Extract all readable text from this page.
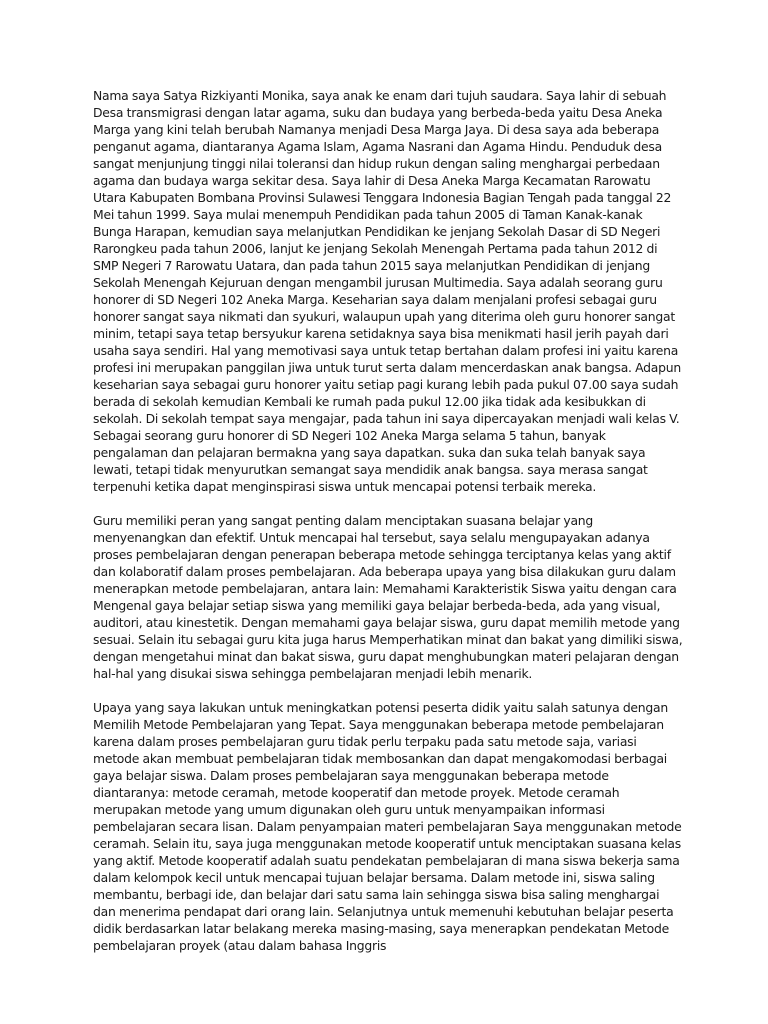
Nama saya Satya Rizkiyanti Monika, saya anak ke enam dari tujuh saudara. Saya lahir di sebuah Desa transmigrasi dengan latar agama, suku dan budaya yang berbeda-beda yaitu Desa Aneka Marga yang kini telah berubah Namanya menjadi Desa Marga Jaya. Di desa saya ada beberapa penganut agama, diantaranya Agama Islam, Agama Nasrani dan Agama Hindu. Penduduk desa sangat menjunjung tinggi nilai toleransi dan hidup rukun dengan saling menghargai perbedaan agama dan budaya warga sekitar desa. Saya lahir di Desa Aneka Marga Kecamatan Rarowatu Utara Kabupaten Bombana Provinsi Sulawesi Tenggara Indonesia Bagian Tengah pada tanggal 22 Mei tahun 1999. Saya mulai menempuh Pendidikan pada tahun 2005 di Taman Kanak-kanak Bunga Harapan, kemudian saya melanjutkan Pendidikan ke jenjang Sekolah Dasar di SD Negeri Rarongkeu pada tahun 2006, lanjut ke jenjang Sekolah Menengah Pertama pada tahun 2012 di SMP Negeri 7 Rarowatu Uatara, dan pada tahun 2015 saya melanjutkan Pendidikan di jenjang Sekolah Menengah Kejuruan dengan mengambil jurusan Multimedia. Saya adalah seorang guru honorer di SD Negeri 102 Aneka Marga. Keseharian saya dalam menjalani profesi sebagai guru honorer sangat saya nikmati dan syukuri, walaupun upah yang diterima oleh guru honorer sangat minim, tetapi saya tetap bersyukur karena setidaknya saya bisa menikmati hasil jerih payah dari usaha saya sendiri. Hal yang memotivasi saya untuk tetap bertahan dalam profesi ini yaitu karena profesi ini merupakan panggilan jiwa untuk turut serta dalam mencerdaskan anak bangsa. Adapun keseharian saya sebagai guru honorer yaitu setiap pagi kurang lebih pada pukul 07.00 saya sudah berada di sekolah kemudian Kembali ke rumah pada pukul 12.00 jika tidak ada kesibukkan di sekolah. Di sekolah tempat saya mengajar, pada tahun ini saya dipercayakan menjadi wali kelas V. Sebagai seorang guru honorer di SD Negeri 102 Aneka Marga selama 5 tahun, banyak pengalaman dan pelajaran bermakna yang saya dapatkan. suka dan suka telah banyak saya lewati, tetapi tidak menyurutkan semangat saya mendidik anak bangsa. saya merasa sangat terpenuhi ketika dapat menginspirasi siswa untuk mencapai potensi terbaik mereka.

Guru memiliki peran yang sangat penting dalam menciptakan suasana belajar yang menyenangkan dan efektif. Untuk mencapai hal tersebut, saya selalu mengupayakan adanya proses pembelajaran dengan penerapan beberapa metode sehingga terciptanya kelas yang aktif dan kolaboratif dalam proses pembelajaran. Ada beberapa upaya yang bisa dilakukan guru dalam menerapkan metode pembelajaran, antara lain: Memahami Karakteristik Siswa yaitu dengan cara Mengenal gaya belajar setiap siswa yang memiliki gaya belajar berbeda-beda, ada yang visual, auditori, atau kinestetik. Dengan memahami gaya belajar siswa, guru dapat memilih metode yang sesuai. Selain itu sebagai guru kita juga harus Memperhatikan minat dan bakat yang dimiliki siswa, dengan mengetahui minat dan bakat siswa, guru dapat menghubungkan materi pelajaran dengan hal-hal yang disukai siswa sehingga pembelajaran menjadi lebih menarik.

Upaya yang saya lakukan untuk meningkatkan potensi peserta didik yaitu salah satunya dengan Memilih Metode Pembelajaran yang Tepat. Saya menggunakan beberapa metode pembelajaran karena dalam proses pembelajaran guru tidak perlu terpaku pada satu metode saja, variasi metode akan membuat pembelajaran tidak membosankan dan dapat mengakomodasi berbagai gaya belajar siswa. Dalam proses pembelajaran saya menggunakan beberapa metode diantaranya: metode ceramah, metode kooperatif dan metode proyek. Metode ceramah merupakan metode yang umum digunakan oleh guru untuk menyampaikan informasi pembelajaran secara lisan. Dalam penyampaian materi pembelajaran Saya menggunakan metode ceramah. Selain itu, saya juga menggunakan metode kooperatif untuk menciptakan suasana kelas yang aktif. Metode kooperatif adalah suatu pendekatan pembelajaran di mana siswa bekerja sama dalam kelompok kecil untuk mencapai tujuan belajar bersama. Dalam metode ini, siswa saling membantu, berbagi ide, dan belajar dari satu sama lain sehingga siswa bisa saling menghargai dan menerima pendapat dari orang lain. Selanjutnya untuk memenuhi kebutuhan belajar peserta didik berdasarkan latar belakang mereka masing-masing, saya menerapkan pendekatan Metode pembelajaran proyek (atau dalam bahasa Inggris
